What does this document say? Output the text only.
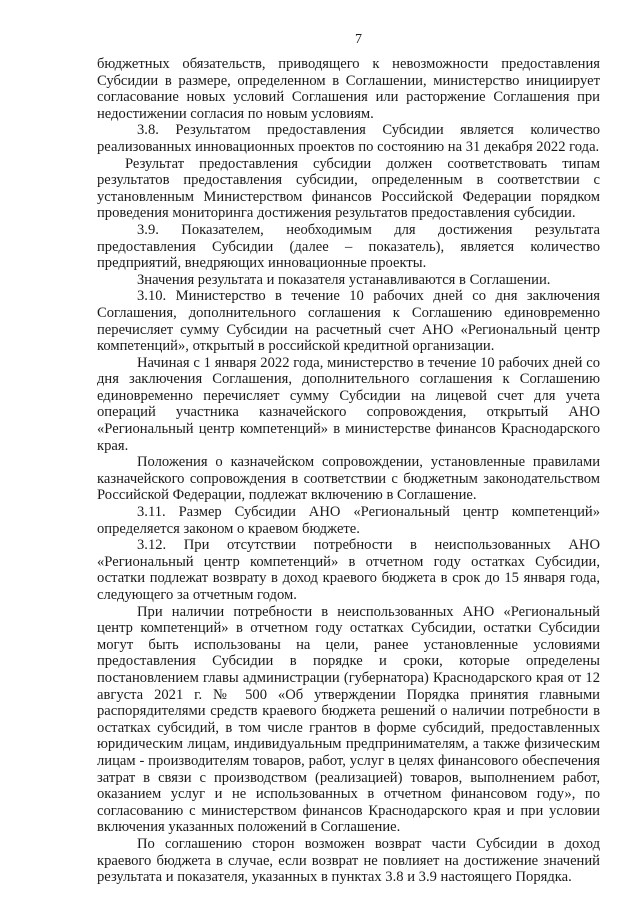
7

бюджетных обязательств, приводящего к невозможности предоставления Субсидии в размере, определенном в Соглашении, министерство инициирует согласование новых условий Соглашения или расторжение Соглашения при недостижении согласия по новым условиям.

3.8. Результатом предоставления Субсидии является количество реализованных инновационных проектов по состоянию на 31 декабря 2022 года.

Результат предоставления субсидии должен соответствовать типам результатов предоставления субсидии, определенным в соответствии с установленным Министерством финансов Российской Федерации порядком проведения мониторинга достижения результатов предоставления субсидии.

3.9. Показателем, необходимым для достижения результата предоставления Субсидии (далее – показатель), является количество предприятий, внедряющих инновационные проекты.

Значения результата и показателя устанавливаются в Соглашении.

3.10. Министерство в течение 10 рабочих дней со дня заключения Соглашения, дополнительного соглашения к Соглашению единовременно перечисляет сумму Субсидии на расчетный счет АНО «Региональный центр компетенций», открытый в российской кредитной организации.

Начиная с 1 января 2022 года, министерство в течение 10 рабочих дней со дня заключения Соглашения, дополнительного соглашения к Соглашению единовременно перечисляет сумму Субсидии на лицевой счет для учета операций участника казначейского сопровождения, открытый АНО «Региональный центр компетенций» в министерстве финансов Краснодарского края.

Положения о казначейском сопровождении, установленные правилами казначейского сопровождения в соответствии с бюджетным законодательством Российской Федерации, подлежат включению в Соглашение.

3.11. Размер Субсидии АНО «Региональный центр компетенций» определяется законом о краевом бюджете.

3.12. При отсутствии потребности в неиспользованных АНО «Региональный центр компетенций» в отчетном году остатках Субсидии, остатки подлежат возврату в доход краевого бюджета в срок до 15 января года, следующего за отчетным годом.

При наличии потребности в неиспользованных АНО «Региональный центр компетенций» в отчетном году остатках Субсидии, остатки Субсидии могут быть использованы на цели, ранее установленные условиями предоставления Субсидии в порядке и сроки, которые определены постановлением главы администрации (губернатора) Краснодарского края от 12 августа 2021 г. № 500 «Об утверждении Порядка принятия главными распорядителями средств краевого бюджета решений о наличии потребности в остатках субсидий, в том числе грантов в форме субсидий, предоставленных юридическим лицам, индивидуальным предпринимателям, а также физическим лицам - производителям товаров, работ, услуг в целях финансового обеспечения затрат в связи с производством (реализацией) товаров, выполнением работ, оказанием услуг и не использованных в отчетном финансовом году», по согласованию с министерством финансов Краснодарского края и при условии включения указанных положений в Соглашение.

По соглашению сторон возможен возврат части Субсидии в доход краевого бюджета в случае, если возврат не повлияет на достижение значений результата и показателя, указанных в пунктах 3.8 и 3.9 настоящего Порядка.
